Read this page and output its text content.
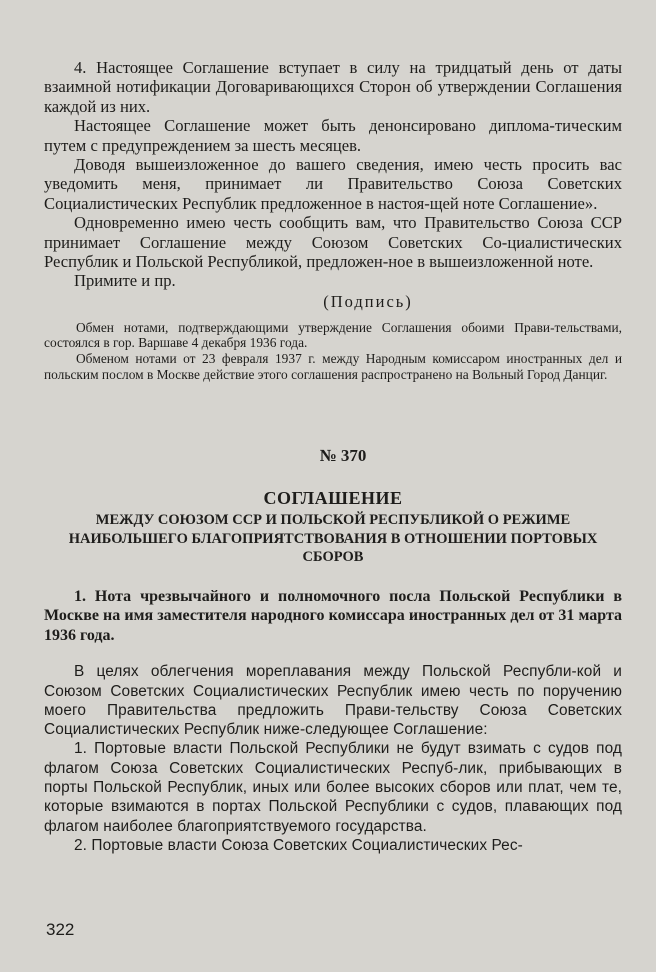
4. Настоящее Соглашение вступает в силу на тридцатый день от даты взаимной нотификации Договаривающихся Сторон об утверждении Соглашения каждой из них.

Настоящее Соглашение может быть денонсировано диплома-тическим путем с предупреждением за шесть месяцев.

Доводя вышеизложенное до вашего сведения, имею честь просить вас уведомить меня, принимает ли Правительство Союза Советских Социалистических Республик предложенное в настоя-щей ноте Соглашение».

Одновременно имею честь сообщить вам, что Правительство Союза ССР принимает Соглашение между Союзом Советских Со-циалистических Республик и Польской Республикой, предложен-ное в вышеизложенной ноте.

Примите и пр.

(Подпись)

Обмен нотами, подтверждающими утверждение Соглашения обоими Прави-тельствами, состоялся в гор. Варшаве 4 декабря 1936 года.

Обменом нотами от 23 февраля 1937 г. между Народным комиссаром иностранных дел и польским послом в Москве действие этого соглашения распространено на Вольный Город Данциг.

№ 370
СОГЛАШЕНИЕ

МЕЖДУ СОЮЗОМ ССР И ПОЛЬСКОЙ РЕСПУБЛИКОЙ О РЕЖИМЕ НАИБОЛЬШЕГО БЛАГОПРИЯТСТВОВАНИЯ В ОТНОШЕНИИ ПОРТОВЫХ СБОРОВ

1. Нота чрезвычайного и полномочного посла Польской Республики в Москве на имя заместителя народного комиссара иностранных дел от 31 марта 1936 года.

В целях облегчения мореплавания между Польской Республи-кой и Союзом Советских Социалистических Республик имею честь по поручению моего Правительства предложить Прави-тельству Союза Советских Социалистических Республик ниже-следующее Соглашение:

1. Портовые власти Польской Республики не будут взимать с судов под флагом Союза Советских Социалистических Респуб-лик, прибывающих в порты Польской Республик, иных или более высоких сборов или плат, чем те, которые взимаются в портах Польской Республики с судов, плавающих под флагом наиболее благоприятствуемого государства.

2. Портовые власти Союза Советских Социалистических Рес-

322
